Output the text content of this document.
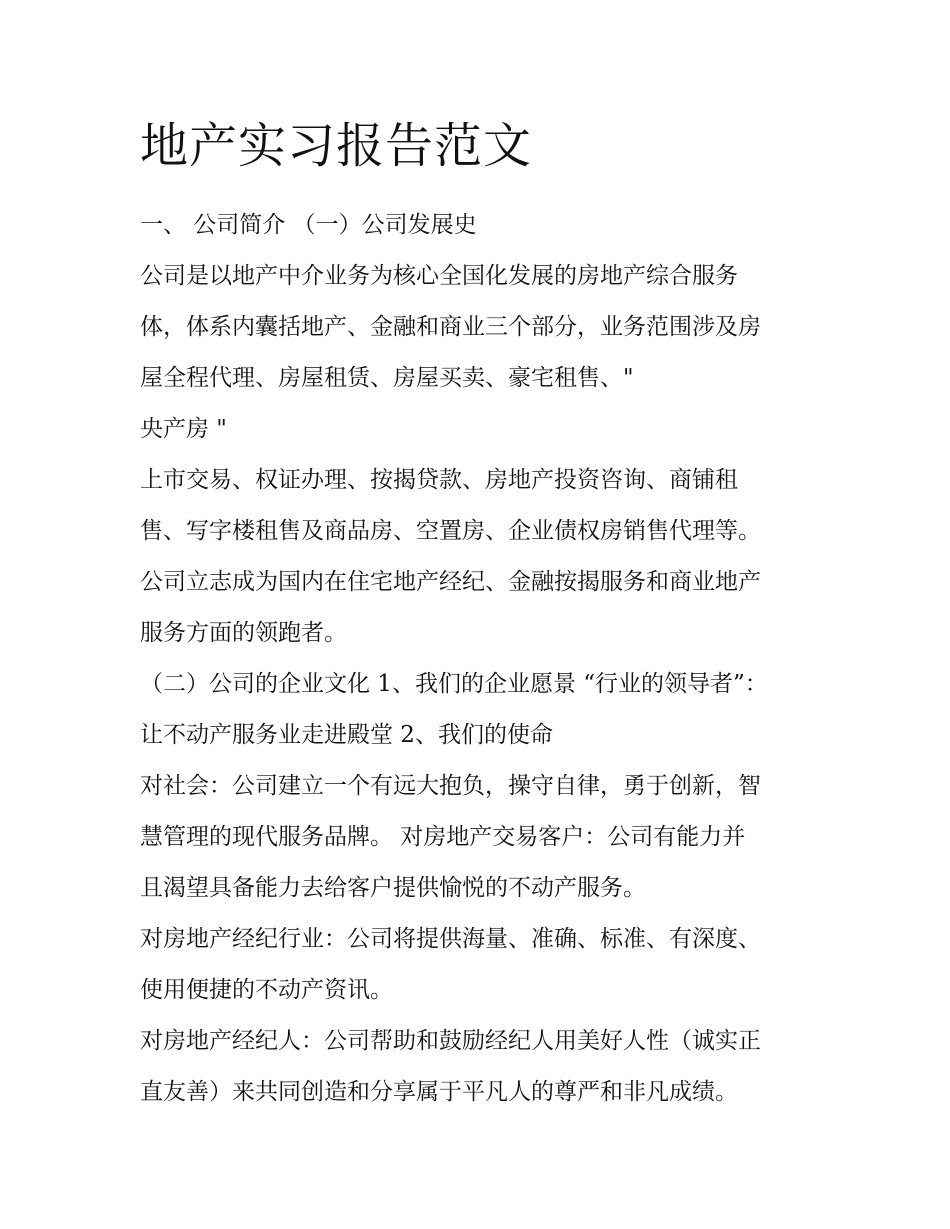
地产实习报告范文

一、 公司简介 （一）公司发展史

公司是以地产中介业务为核心全国化发展的房地产综合服务

体，体系内囊括地产、金融和商业三个部分，业务范围涉及房

屋全程代理、房屋租赁、房屋买卖、豪宅租售、"

央产房 "

上市交易、权证办理、按揭贷款、房地产投资咨询、商铺租

售、写字楼租售及商品房、空置房、企业债权房销售代理等。

公司立志成为国内在住宅地产经纪、金融按揭服务和商业地产

服务方面的领跑者。

（二）公司的企业文化 1、我们的企业愿景 “行业的领导者”：

让不动产服务业走进殿堂 2、我们的使命

对社会：公司建立一个有远大抱负，操守自律，勇于创新，智

慧管理的现代服务品牌。 对房地产交易客户：公司有能力并

且渴望具备能力去给客户提供愉悦的不动产服务。

对房地产经纪行业：公司将提供海量、准确、标准、有深度、

使用便捷的不动产资讯。

对房地产经纪人：公司帮助和鼓励经纪人用美好人性（诚实正

直友善）来共同创造和分享属于平凡人的尊严和非凡成绩。
